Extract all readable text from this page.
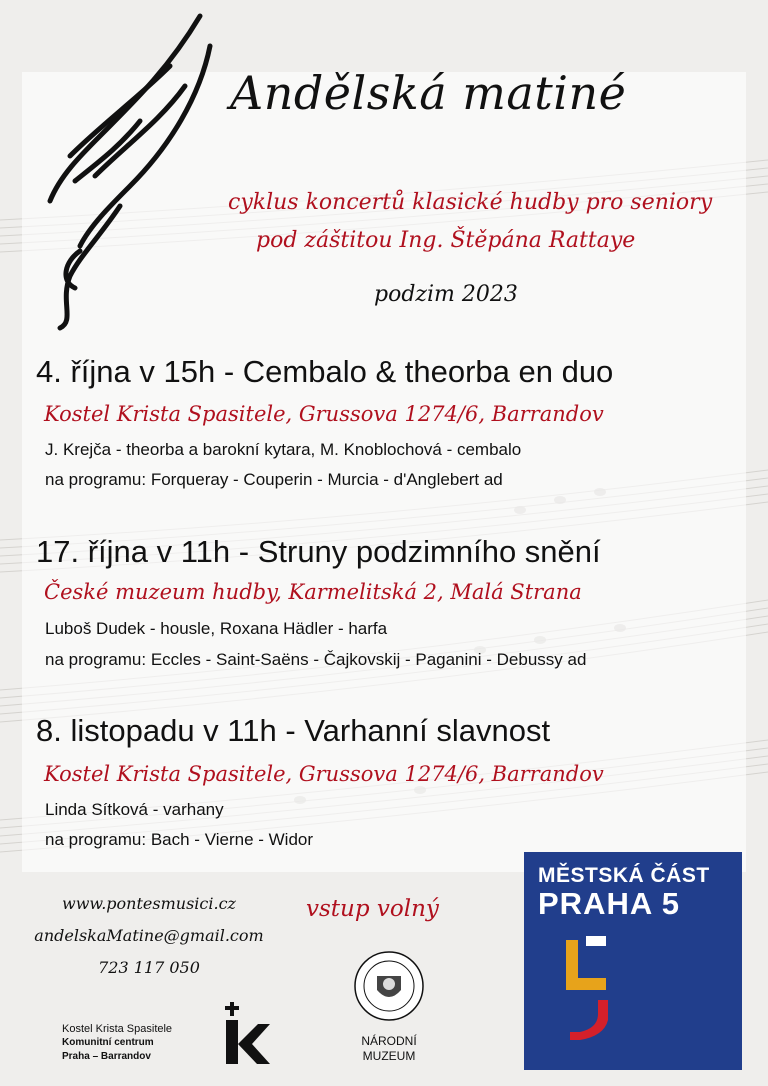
Andělská matiné
cyklus koncertů klasické hudby pro seniory
pod záštitou Ing. Štěpána Rattaye
podzim 2023
4. října v 15h - Cembalo & theorba en duo
Kostel Krista Spasitele, Grussova 1274/6, Barrandov
J. Krejča - theorba a barokní kytara, M. Knoblochová - cembalo
na programu: Forqueray - Couperin - Murcia - d'Anglebert ad
17. října v 11h - Struny podzimního snění
České muzeum hudby, Karmelitská 2, Malá Strana
Luboš Dudek - housle, Roxana Hädler - harfa
na programu: Eccles - Saint-Saëns - Čajkovskij - Paganini - Debussy ad
8. listopadu v 11h - Varhanní slavnost
Kostel Krista Spasitele, Grussova 1274/6, Barrandov
Linda Sítková - varhany
na programu: Bach - Vierne - Widor
www.pontesmusici.cz
andelskaMatine@gmail.com
723 117 050
vstup volný
Kostel Krista Spasitele
Komunitní centrum
Praha – Barrandov
NÁRODNÍ
MUZEUM
MĚSTSKÁ ČÁST
PRAHA 5
